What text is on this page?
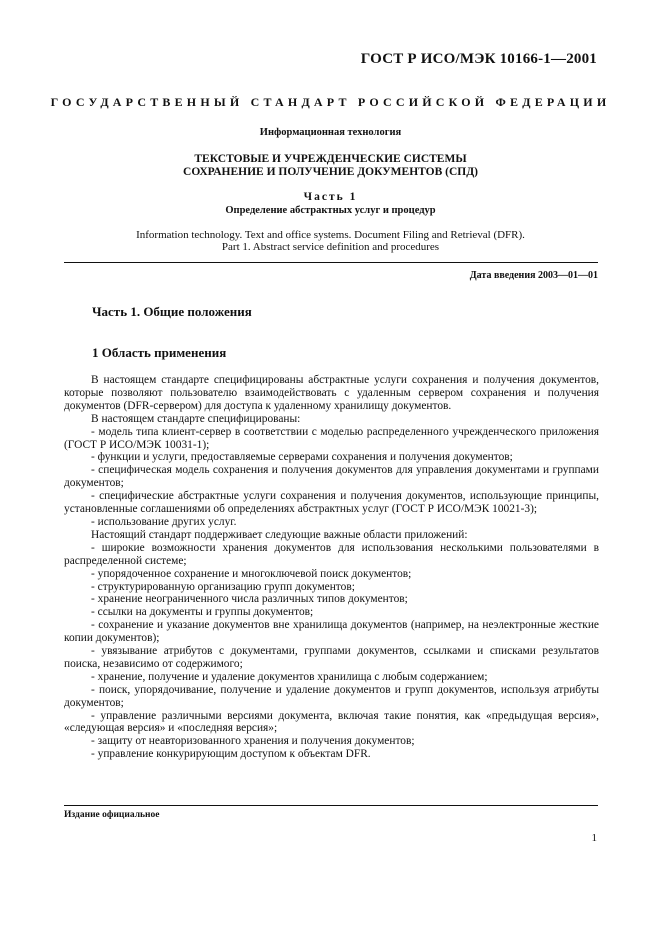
ГОСТ Р ИСО/МЭК 10166-1—2001
ГОСУДАРСТВЕННЫЙ СТАНДАРТ РОССИЙСКОЙ ФЕДЕРАЦИИ
Информационная технология
ТЕКСТОВЫЕ И УЧРЕЖДЕНЧЕСКИЕ СИСТЕМЫ
СОХРАНЕНИЕ И ПОЛУЧЕНИЕ ДОКУМЕНТОВ (СПД)
Часть 1
Определение абстрактных услуг и процедур
Information technology. Text and office systems. Document Filing and Retrieval (DFR).
Part 1. Abstract service definition and procedures
Дата введения 2003—01—01
Часть 1. Общие положения
1 Область применения

В настоящем стандарте специфицированы абстрактные услуги сохранения и получения документов, которые позволяют пользователю взаимодействовать с удаленным сервером сохранения и получения документов (DFR-сервером) для доступа к удаленному хранилищу документов.

В настоящем стандарте специфицированы:

- модель типа клиент-сервер в соответствии с моделью распределенного учрежденческого приложения (ГОСТ Р ИСО/МЭК 10031-1);

- функции и услуги, предоставляемые серверами сохранения и получения документов;

- специфическая модель сохранения и получения документов для управления документами и группами документов;

- специфические абстрактные услуги сохранения и получения документов, использующие принципы, установленные соглашениями об определениях абстрактных услуг (ГОСТ Р ИСО/МЭК 10021-3);

- использование других услуг.

Настоящий стандарт поддерживает следующие важные области приложений:

- широкие возможности хранения документов для использования несколькими пользователями в распределенной системе;

- упорядоченное сохранение и многоключевой поиск документов;

- структурированную организацию групп документов;

- хранение неограниченного числа различных типов документов;

- ссылки на документы и группы документов;

- сохранение и указание документов вне хранилища документов (например, на неэлектронные жесткие копии документов);

- увязывание атрибутов с документами, группами документов, ссылками и списками результатов поиска, независимо от содержимого;

- хранение, получение и удаление документов хранилища с любым содержанием;

- поиск, упорядочивание, получение и удаление документов и групп документов, используя атрибуты документов;

- управление различными версиями документа, включая такие понятия, как «предыдущая версия», «следующая версия» и «последняя версия»;

- защиту от неавторизованного хранения и получения документов;

- управление конкурирующим доступом к объектам DFR.

Издание официальное
1
